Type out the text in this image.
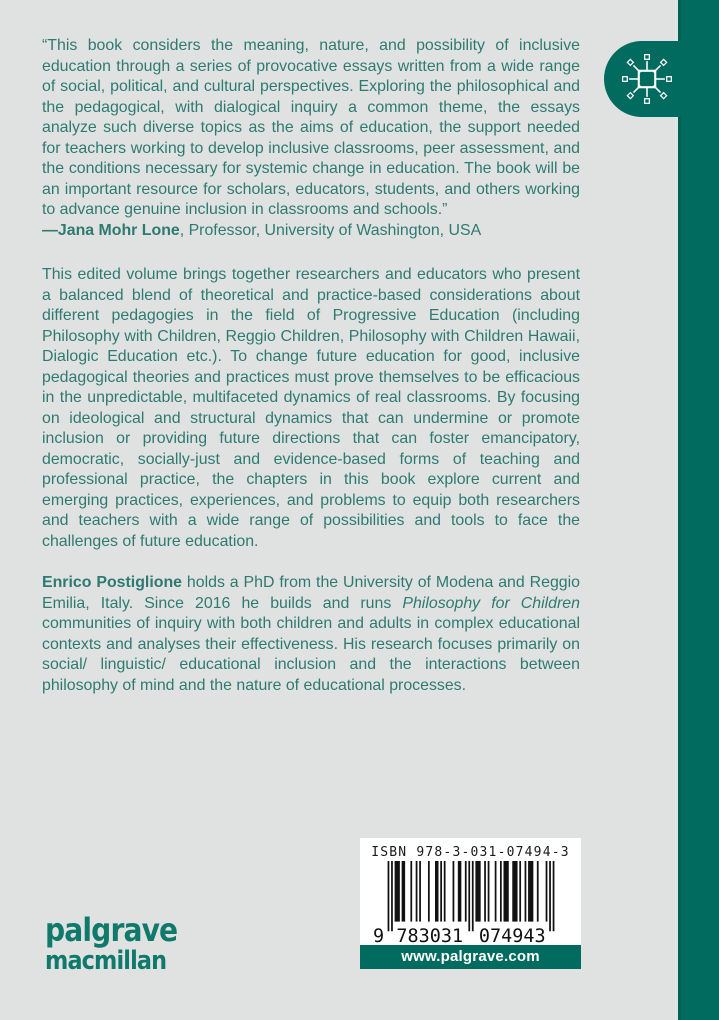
“This book considers the meaning, nature, and possibility of inclusive education through a series of provocative essays written from a wide range of social, political, and cultural perspectives. Exploring the philosophical and the pedagogical, with dialogical inquiry a common theme, the essays analyze such diverse topics as the aims of education, the support needed for teachers working to develop inclusive classrooms, peer assessment, and the conditions necessary for systemic change in education. The book will be an important resource for scholars, educators, students, and others working to advance genuine inclusion in classrooms and schools.”

—Jana Mohr Lone, Professor, University of Washington, USA

This edited volume brings together researchers and educators who present a balanced blend of theoretical and practice-based considerations about different pedagogies in the field of Progressive Education (including Philosophy with Children, Reggio Children, Philosophy with Children Hawaii, Dialogic Education etc.). To change future education for good, inclusive pedagogical theories and practices must prove themselves to be efficacious in the unpredictable, multifaceted dynamics of real classrooms. By focusing on ideological and structural dynamics that can undermine or promote inclusion or providing future directions that can foster emancipatory, democratic, socially-just and evidence-based forms of teaching and professional practice, the chapters in this book explore current and emerging practices, experiences, and problems to equip both researchers and teachers with a wide range of possibilities and tools to face the challenges of future education.

Enrico Postiglione holds a PhD from the University of Modena and Reggio Emilia, Italy. Since 2016 he builds and runs Philosophy for Children communities of inquiry with both children and adults in complex educational contexts and analyses their effectiveness. His research focuses primarily on social/ linguistic/ educational inclusion and the interactions between philosophy of mind and the nature of educational processes.

palgrave
macmillan
ISBN 978-3-031-07494-3
9 783031 074943
www.palgrave.com
